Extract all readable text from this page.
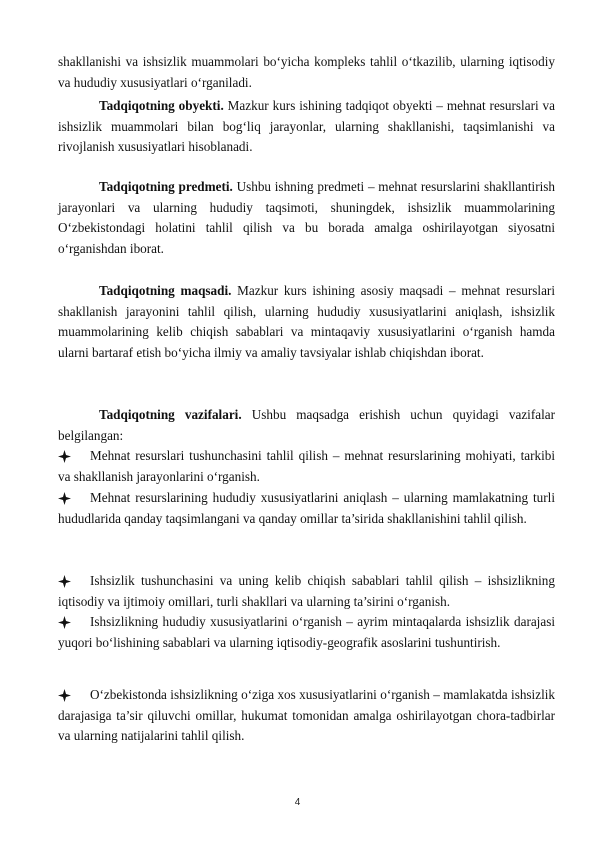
shakllanishi va ishsizlik muammolari bo‘yicha kompleks tahlil o‘tkazilib, ularning iqtisodiy va hududiy xususiyatlari o‘rganiladi.

Tadqiqotning obyekti. Mazkur kurs ishining tadqiqot obyekti – mehnat resurslari va ishsizlik muammolari bilan bog‘liq jarayonlar, ularning shakllanishi, taqsimlanishi va rivojlanish xususiyatlari hisoblanadi.

Tadqiqotning predmeti. Ushbu ishning predmeti – mehnat resurslarini shakllantirish jarayonlari va ularning hududiy taqsimoti, shuningdek, ishsizlik muammolarining O‘zbekistondagi holatini tahlil qilish va bu borada amalga oshirilayotgan siyosatni o‘rganishdan iborat.

Tadqiqotning maqsadi. Mazkur kurs ishining asosiy maqsadi – mehnat resurslari shakllanish jarayonini tahlil qilish, ularning hududiy xususiyatlarini aniqlash, ishsizlik muammolarining kelib chiqish sabablari va mintaqaviy xususiyatlarini o‘rganish hamda ularni bartaraf etish bo‘yicha ilmiy va amaliy tavsiyalar ishlab chiqishdan iborat.

Tadqiqotning vazifalari. Ushbu maqsadga erishish uchun quyidagi vazifalar belgilangan:

Mehnat resurslari tushunchasini tahlil qilish – mehnat resurslarining mohiyati, tarkibi va shakllanish jarayonlarini o‘rganish.

Mehnat resurslarining hududiy xususiyatlarini aniqlash – ularning mamlakatning turli hududlarida qanday taqsimlangani va qanday omillar ta’sirida shakllanishini tahlil qilish.

Ishsizlik tushunchasini va uning kelib chiqish sabablari tahlil qilish – ishsizlikning iqtisodiy va ijtimoiy omillari, turli shakllari va ularning ta’sirini o‘rganish.

Ishsizlikning hududiy xususiyatlarini o‘rganish – ayrim mintaqalarda ishsizlik darajasi yuqori bo‘lishining sabablari va ularning iqtisodiy-geografik asoslarini tushuntirish.

O‘zbekistonda ishsizlikning o‘ziga xos xususiyatlarini o‘rganish – mamlakatda ishsizlik darajasiga ta’sir qiluvchi omillar, hukumat tomonidan amalga oshirilayotgan chora-tadbirlar va ularning natijalarini tahlil qilish.

4
